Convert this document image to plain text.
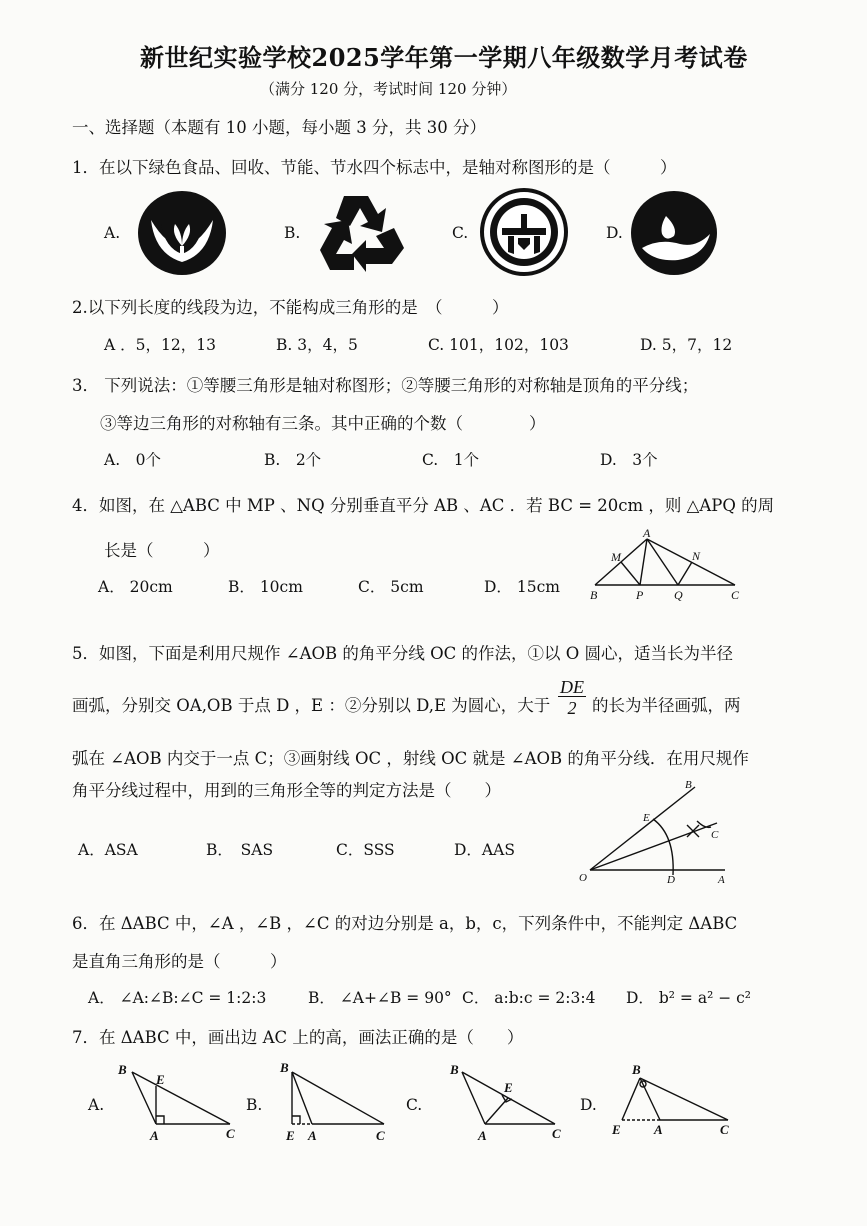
新世纪实验学校2025学年第一学期八年级数学月考试卷
（满分 120 分，考试时间 120 分钟）
一、选择题（本题有 10 小题，每小题 3 分，共 30 分）
1．在以下绿色食品、回收、节能、节水四个标志中，是轴对称图形的是（　　　）
A.	B.	C.	D.
2.以下列长度的线段为边，不能构成三角形的是　（　　　）
A ．5，12，13	B. 3，4，5	C. 101，102，103	D. 5，7，12
3． 下列说法：①等腰三角形是轴对称图形；②等腰三角形的对称轴是顶角的平分线；
③等边三角形的对称轴有三条。其中正确的个数（　　　　）
A.　0个	B.　2个	C.　1个	D.　3个
4．如图，在 △ABC 中 MP 、NQ 分别垂直平分 AB 、AC ．若 BC = 20cm ，则 △APQ 的周
长是（　　　）
A． 20cm	B． 10cm	C． 5cm	D． 15cm
A
M	N
B	P	Q	C
5．如图，下面是利用尺规作 ∠AOB 的角平分线 OC 的作法，①以 O 圆心，适当长为半径
画弧，分别交 OA,OB 于点 D ，E ：②分别以 D,E 为圆心，大于 $\frac{DE}{2}$ 的长为半径画弧，两
弧在 ∠AOB 内交于一点 C；③画射线 OC ，射线 OC 就是 ∠AOB 的角平分线．在用尺规作
角平分线过程中，用到的三角形全等的判定方法是（　　）
A．ASA	B．　SAS	C．SSS	D．AAS
B
E
C
O	D	A
6．在 ΔABC 中，∠A ，∠B ，∠C 的对边分别是 a，b，c，下列条件中，不能判定 ΔABC
是直角三角形的是（　　　）
A． ∠A:∠B:∠C = 1:2:3	B． ∠A+∠B = 90° C． a:b:c = 2:3:4 D． b² = a² − c²
7．在 ΔABC 中，画出边 AC 上的高，画法正确的是（　　）
A.	B.	C.	D.
B
E
A	C
B
E A	C
B
E
A	C
B
E	A	C
